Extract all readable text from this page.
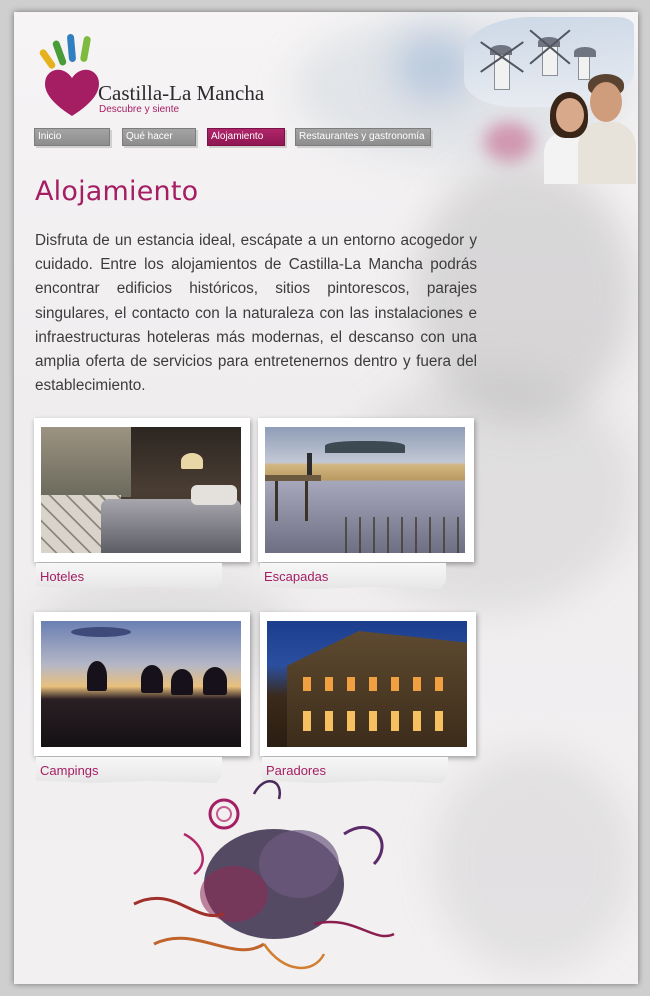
Castilla-La Mancha
Descubre y siente
Inicio	Qué hacer	Alojamiento	Restaurantes y gastronomía
Alojamiento

Disfruta de un estancia ideal, escápate a un entorno acogedor y cuidado. Entre los alojamientos de Castilla-La Mancha podrás encontrar edificios históricos, sitios pintorescos, parajes singulares, el contacto con la naturaleza con las instalaciones e infraestructuras hoteleras más modernas, el descanso con una amplia oferta de servicios para entretenernos dentro y fuera del establecimiento.

Hoteles	Escapadas
Campings	Paradores
